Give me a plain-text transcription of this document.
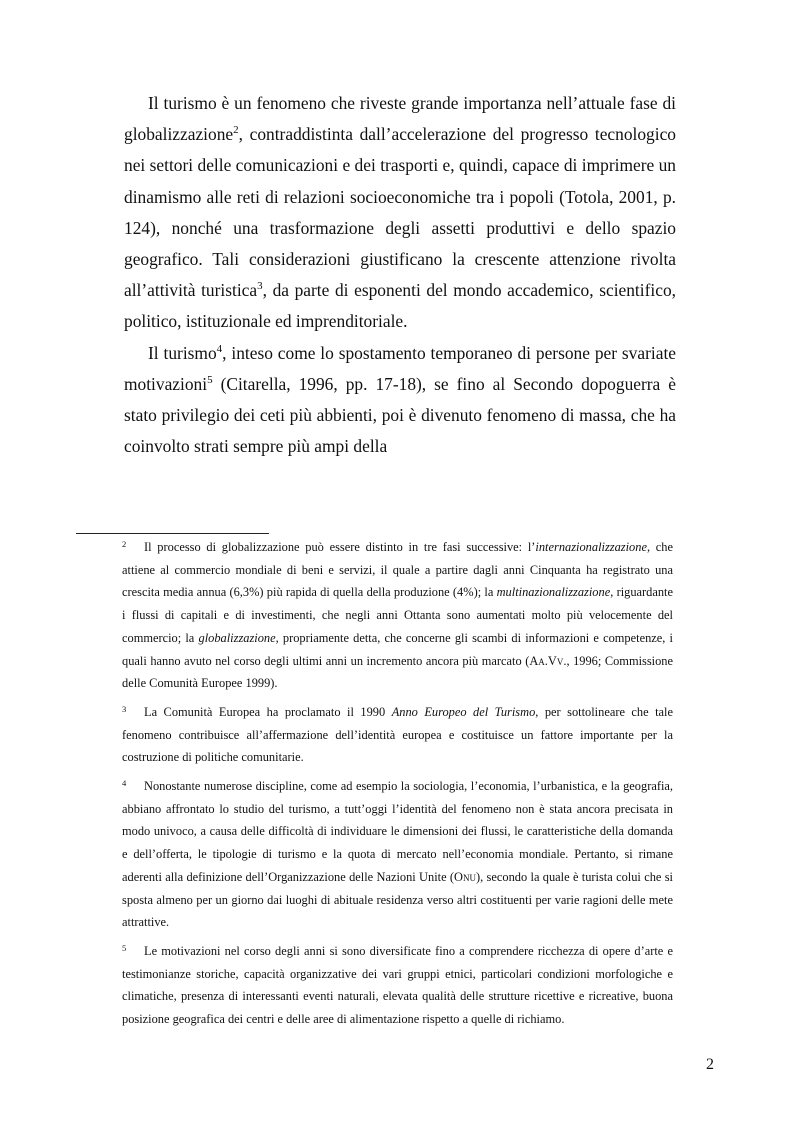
Il turismo è un fenomeno che riveste grande importanza nell’attuale fase di globalizzazione$^2$, contraddistinta dall’accelerazione del progresso tecnologico nei settori delle comunicazioni e dei trasporti e, quindi, capace di imprimere un dinamismo alle reti di relazioni socioeconomiche tra i popoli (Totola, 2001, p. 124), nonché una trasformazione degli assetti produttivi e dello spazio geografico. Tali considerazioni giustificano la crescente attenzione rivolta all’attività turistica$^3$, da parte di esponenti del mondo accademico, scientifico, politico, istituzionale ed imprenditoriale.

Il turismo$^4$, inteso come lo spostamento temporaneo di persone per svariate motivazioni$^5$ (Citarella, 1996, pp. 17-18), se fino al Secondo dopoguerra è stato privilegio dei ceti più abbienti, poi è divenuto fenomeno di massa, che ha coinvolto strati sempre più ampi della

2 Il processo di globalizzazione può essere distinto in tre fasi successive: l’internazionalizzazione, che attiene al commercio mondiale di beni e servizi, il quale a partire dagli anni Cinquanta ha registrato una crescita media annua (6,3%) più rapida di quella della produzione (4%); la multinazionalizzazione, riguardante i flussi di capitali e di investimenti, che negli anni Ottanta sono aumentati molto più velocemente del commercio; la globalizzazione, propriamente detta, che concerne gli scambi di informazioni e competenze, i quali hanno avuto nel corso degli ultimi anni un incremento ancora più marcato (Aa.Vv., 1996; Commissione delle Comunità Europee 1999).

3 La Comunità Europea ha proclamato il 1990 Anno Europeo del Turismo, per sottolineare che tale fenomeno contribuisce all’affermazione dell’identità europea e costituisce un fattore importante per la costruzione di politiche comunitarie.

4 Nonostante numerose discipline, come ad esempio la sociologia, l’economia, l’urbanistica, e la geografia, abbiano affrontato lo studio del turismo, a tutt’oggi l’identità del fenomeno non è stata ancora precisata in modo univoco, a causa delle difficoltà di individuare le dimensioni dei flussi, le caratteristiche della domanda e dell’offerta, le tipologie di turismo e la quota di mercato nell’economia mondiale. Pertanto, si rimane aderenti alla definizione dell’Organizzazione delle Nazioni Unite (Onu), secondo la quale è turista colui che si sposta almeno per un giorno dai luoghi di abituale residenza verso altri costituenti per varie ragioni delle mete attrattive.

5 Le motivazioni nel corso degli anni si sono diversificate fino a comprendere ricchezza di opere d’arte e testimonianze storiche, capacità organizzative dei vari gruppi etnici, particolari condizioni morfologiche e climatiche, presenza di interessanti eventi naturali, elevata qualità delle strutture ricettive e ricreative, buona posizione geografica dei centri e delle aree di alimentazione rispetto a quelle di richiamo.

2
